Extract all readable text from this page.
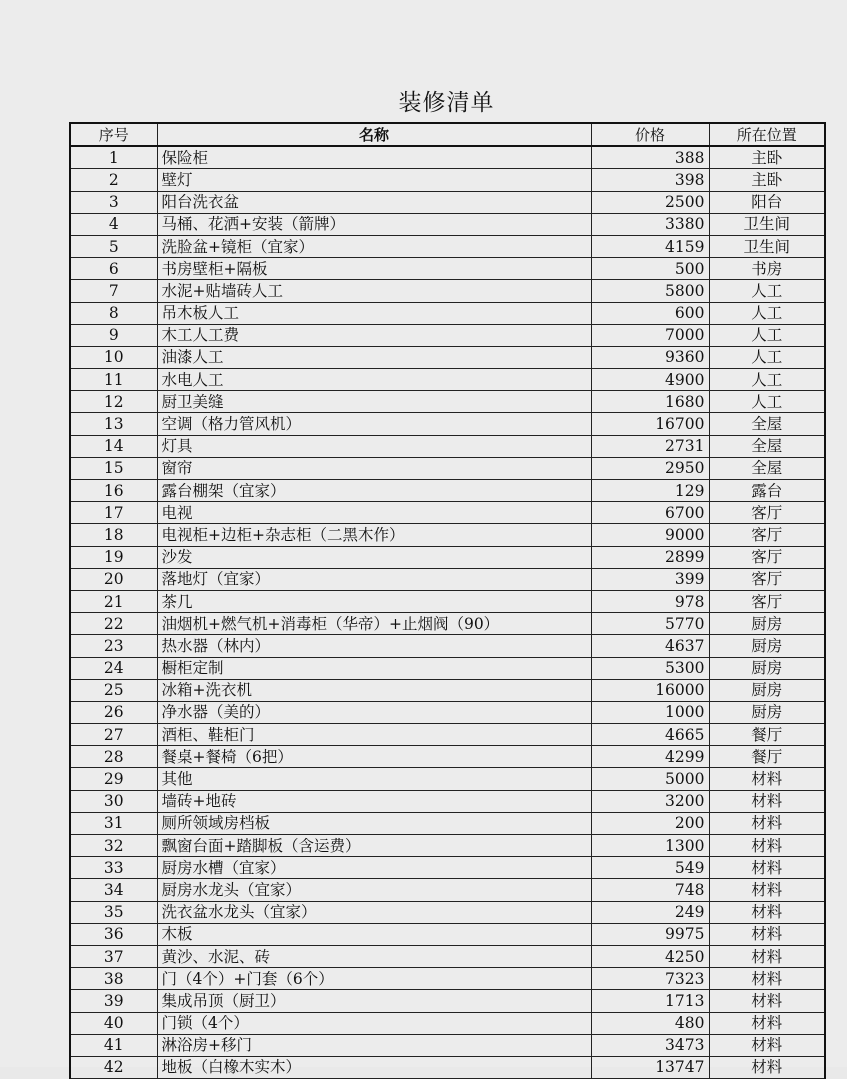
装修清单
序号	名称	价格	所在位置
1	保险柜	388	主卧
2	壁灯	398	主卧
3	阳台洗衣盆	2500	阳台
4	马桶、花洒+安装（箭牌）	3380	卫生间
5	洗脸盆+镜柜（宜家）	4159	卫生间
6	书房壁柜+隔板	500	书房
7	水泥+贴墙砖人工	5800	人工
8	吊木板人工	600	人工
9	木工人工费	7000	人工
10	油漆人工	9360	人工
11	水电人工	4900	人工
12	厨卫美缝	1680	人工
13	空调（格力管风机）	16700	全屋
14	灯具	2731	全屋
15	窗帘	2950	全屋
16	露台棚架（宜家）	129	露台
17	电视	6700	客厅
18	电视柜+边柜+杂志柜（二黑木作）	9000	客厅
19	沙发	2899	客厅
20	落地灯（宜家）	399	客厅
21	茶几	978	客厅
22	油烟机+燃气机+消毒柜（华帝）+止烟阀（90）	5770	厨房
23	热水器（林内）	4637	厨房
24	橱柜定制	5300	厨房
25	冰箱+洗衣机	16000	厨房
26	净水器（美的）	1000	厨房
27	酒柜、鞋柜门	4665	餐厅
28	餐桌+餐椅（6把）	4299	餐厅
29	其他	5000	材料
30	墙砖+地砖	3200	材料
31	厕所领域房档板	200	材料
32	飘窗台面+踏脚板（含运费）	1300	材料
33	厨房水槽（宜家）	549	材料
34	厨房水龙头（宜家）	748	材料
35	洗衣盆水龙头（宜家）	249	材料
36	木板	9975	材料
37	黄沙、水泥、砖	4250	材料
38	门（4个）+门套（6个）	7323	材料
39	集成吊顶（厨卫）	1713	材料
40	门锁（4个）	480	材料
41	淋浴房+移门	3473	材料
42	地板（白橡木实木）	13747	材料
